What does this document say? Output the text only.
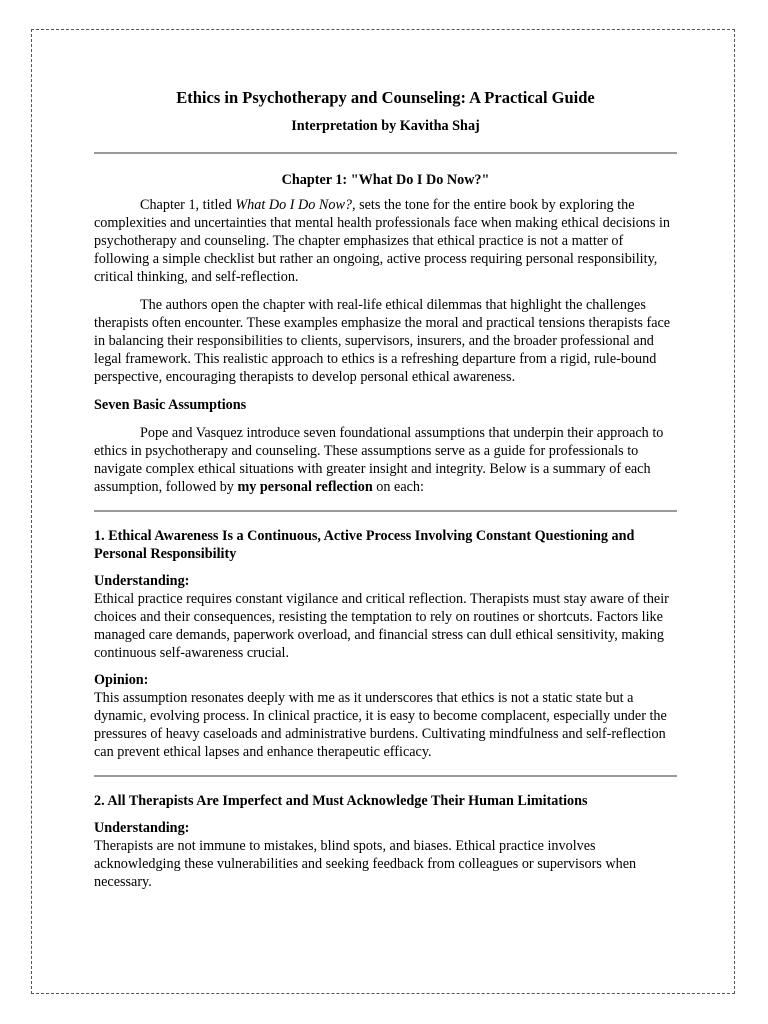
Ethics in Psychotherapy and Counseling: A Practical Guide
Interpretation by Kavitha Shaj
Chapter 1: "What Do I Do Now?"

Chapter 1, titled What Do I Do Now?, sets the tone for the entire book by exploring the complexities and uncertainties that mental health professionals face when making ethical decisions in psychotherapy and counseling. The chapter emphasizes that ethical practice is not a matter of following a simple checklist but rather an ongoing, active process requiring personal responsibility, critical thinking, and self-reflection.

The authors open the chapter with real-life ethical dilemmas that highlight the challenges therapists often encounter. These examples emphasize the moral and practical tensions therapists face in balancing their responsibilities to clients, supervisors, insurers, and the broader professional and legal framework. This realistic approach to ethics is a refreshing departure from a rigid, rule-bound perspective, encouraging therapists to develop personal ethical awareness.

Seven Basic Assumptions

Pope and Vasquez introduce seven foundational assumptions that underpin their approach to ethics in psychotherapy and counseling. These assumptions serve as a guide for professionals to navigate complex ethical situations with greater insight and integrity. Below is a summary of each assumption, followed by my personal reflection on each:

1. Ethical Awareness Is a Continuous, Active Process Involving Constant Questioning and Personal Responsibility
Understanding:

Ethical practice requires constant vigilance and critical reflection. Therapists must stay aware of their choices and their consequences, resisting the temptation to rely on routines or shortcuts. Factors like managed care demands, paperwork overload, and financial stress can dull ethical sensitivity, making continuous self-awareness crucial.

Opinion:

This assumption resonates deeply with me as it underscores that ethics is not a static state but a dynamic, evolving process. In clinical practice, it is easy to become complacent, especially under the pressures of heavy caseloads and administrative burdens. Cultivating mindfulness and self-reflection can prevent ethical lapses and enhance therapeutic efficacy.

2. All Therapists Are Imperfect and Must Acknowledge Their Human Limitations
Understanding:

Therapists are not immune to mistakes, blind spots, and biases. Ethical practice involves acknowledging these vulnerabilities and seeking feedback from colleagues or supervisors when necessary.
